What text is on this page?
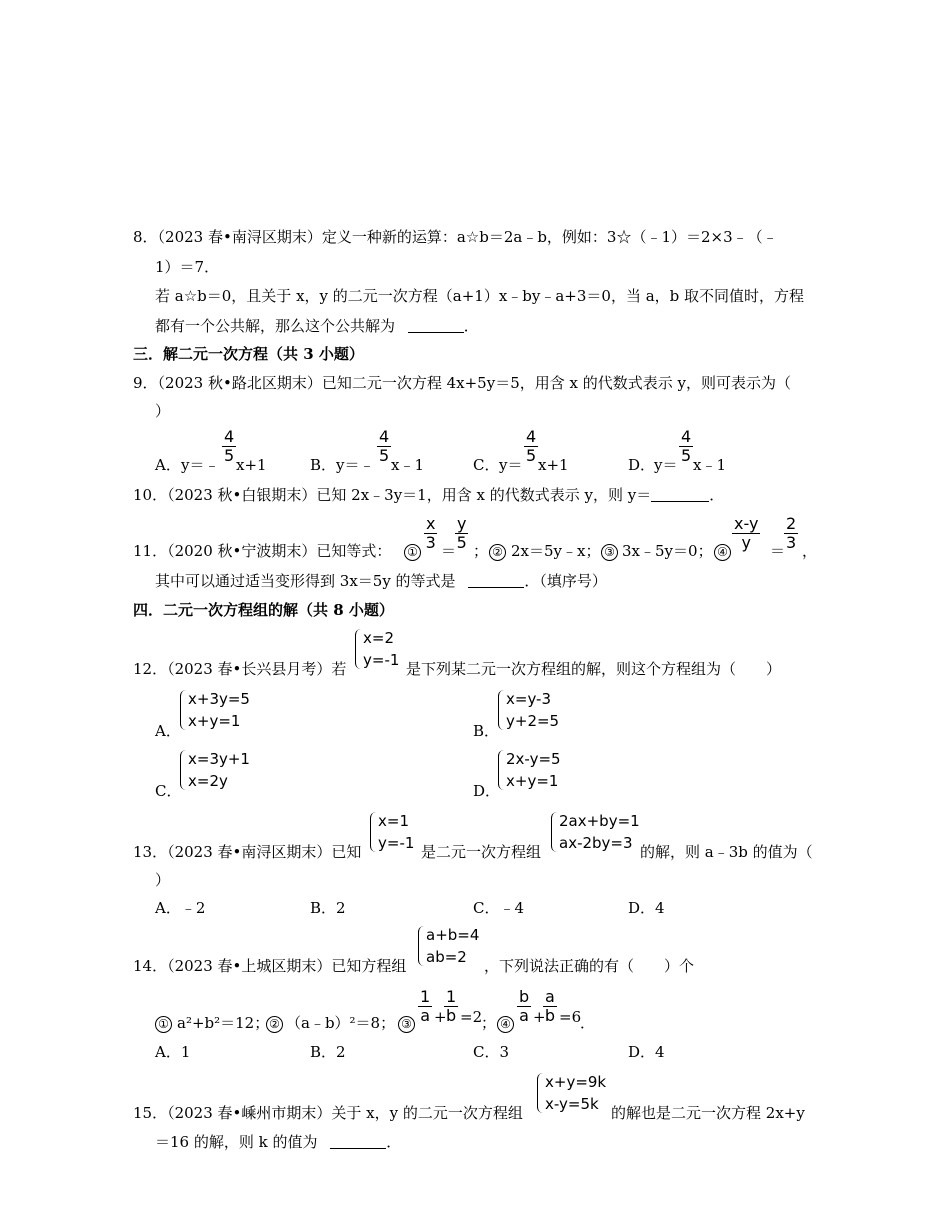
8．（2023 春•南浔区期末）定义一种新的运算：a☆b＝2a﹣b，例如：3☆（﹣1）＝2×3﹣（﹣
1）＝7．
若 a☆b＝0，且关于 x，y 的二元一次方程（a+1）x﹣by﹣a+3＝0，当 a，b 取不同值时，方程
都有一个公共解，那么这个公共解为	．
三．解二元一次方程（共 3 小题）
9．（2023 秋•路北区期末）已知二元一次方程 4x+5y＝5，用含 x 的代数式表示 y，则可表示为（
）
A． y＝﹣ $\frac{4}{5} x+1$	B． y＝﹣ $\frac{4}{5}$ x﹣1	C． $y= \frac{4}{5} x+1$	D．
$y= \frac{4}{5}$ x﹣1
10．（2023 秋•白银期末）已知 2x﹣3y＝1，用含 x 的代数式表示 y，则 y＝	．
11．（2020 秋•宁波期末）已知等式： ① $\frac{x}{3}$ ＝
$\frac{y}{5}$ ； ② 2x＝5y﹣x； ③ 3x﹣5y＝0； ④ $\frac{x-y}{y}$ ＝
$\frac{2}{3}$ ，
其中可以通过适当变形得到 3x＝5y 的等式是	．（填序号）
四．二元一次方程组的解（共 8 小题）
12．（2023 春•长兴县月考）若
x=2
y=-1 是下列某二元一次方程组的解，则这个方程组为（　　）
A．
x+3y=5
x+y=1
B．
x=y-3
y+2=5
C．
x=3y+1
x=2y
D．
2x-y=5
x+y=1
13．（2023 春•南浔区期末）已知
x=1
y=-1 是二元一次方程组
2ax+by=1
ax-2by=3 的解，则 a﹣3b 的值为（
）
A．﹣2	B．2	C．﹣4	D．4
14．（2023 春•上城区期末）已知方程组
a+b=4
ab=2	，下列说法正确的有（　　）个
① a²+b²＝12； ② （a﹣b）²＝8； ③ $\frac{1}{a}$ +
$\frac{1}{b} =2$
； ④ $\frac{b}{a}$ +
$\frac{a}{b} =6$
．
A．1	B．2	C．3	D．4
15．（2023 春•嵊州市期末）关于 x，y 的二元一次方程组
x+y=9k
x-y=5k 的解也是二元一次方程 2x+y
＝16 的解，则 k 的值为	．
